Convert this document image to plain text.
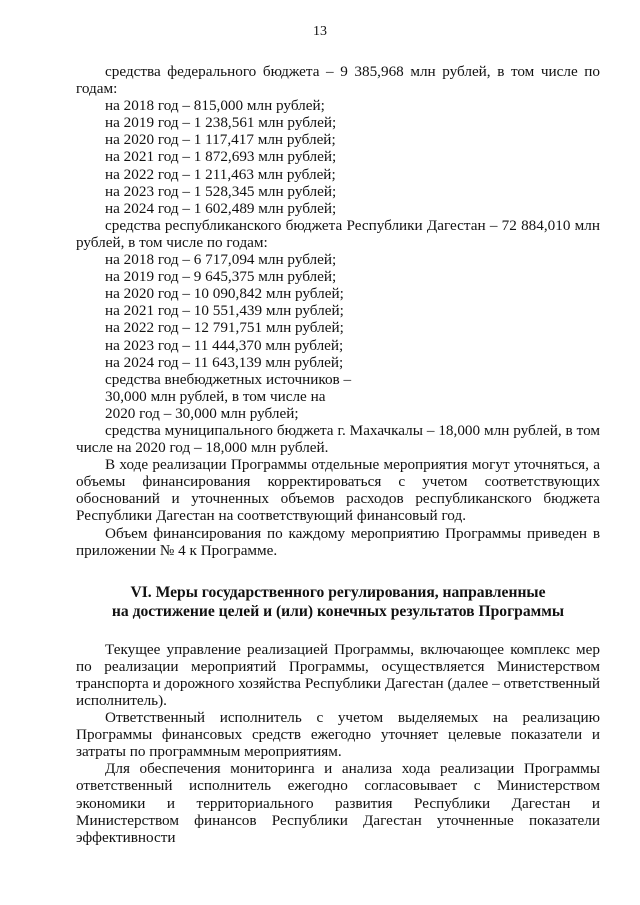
13

средства федерального бюджета – 9 385,968 млн рублей, в том числе по годам:

на 2018 год – 815,000 млн рублей;

на 2019 год – 1 238,561 млн рублей;

на 2020 год – 1 117,417 млн рублей;

на 2021 год – 1 872,693 млн рублей;

на 2022 год – 1 211,463 млн рублей;

на 2023 год – 1 528,345 млн рублей;

на 2024 год – 1 602,489 млн рублей;

средства республиканского бюджета Республики Дагестан – 72 884,010 млн рублей, в том числе по годам:

на 2018 год – 6 717,094 млн рублей;

на 2019 год – 9 645,375 млн рублей;

на 2020 год – 10 090,842 млн рублей;

на 2021 год – 10 551,439 млн рублей;

на 2022 год – 12 791,751 млн рублей;

на 2023 год – 11 444,370 млн рублей;

на 2024 год – 11 643,139 млн рублей;

средства внебюджетных источников –

30,000 млн рублей, в том числе на

2020 год – 30,000 млн рублей;

средства муниципального бюджета г. Махачкалы – 18,000 млн рублей, в том числе на 2020 год – 18,000 млн рублей.

В ходе реализации Программы отдельные мероприятия могут уточняться, а объемы финансирования корректироваться с учетом соответствующих обоснований и уточненных объемов расходов республиканского бюджета Республики Дагестан на соответствующий финансовый год.

Объем финансирования по каждому мероприятию Программы приведен в приложении № 4 к Программе.

VI. Меры государственного регулирования, направленные
на достижение целей и (или) конечных результатов Программы

Текущее управление реализацией Программы, включающее комплекс мер по реализации мероприятий Программы, осуществляется Министерством транспорта и дорожного хозяйства Республики Дагестан (далее – ответственный исполнитель).

Ответственный исполнитель с учетом выделяемых на реализацию Программы финансовых средств ежегодно уточняет целевые показатели и затраты по программным мероприятиям.

Для обеспечения мониторинга и анализа хода реализации Программы ответственный исполнитель ежегодно согласовывает с Министерством экономики и территориального развития Республики Дагестан и Министерством финансов Республики Дагестан уточненные показатели эффективности
